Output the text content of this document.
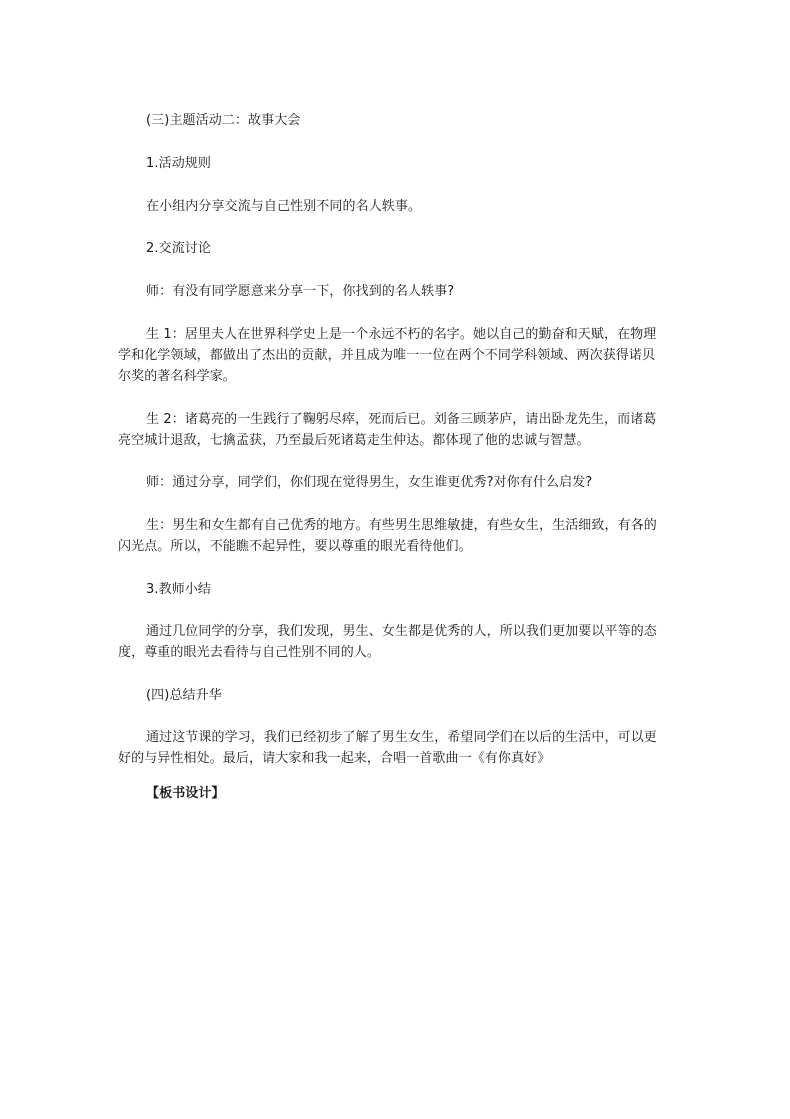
(三)主题活动二：故事大会

1.活动规则

在小组内分享交流与自己性别不同的名人轶事。

2.交流讨论

师：有没有同学愿意来分享一下，你找到的名人轶事?

生 1：居里夫人在世界科学史上是一个永远不朽的名字。她以自己的勤奋和天赋，在物理学和化学领域，都做出了杰出的贡献，并且成为唯一一位在两个不同学科领域、两次获得诺贝尔奖的著名科学家。

生 2：诸葛亮的一生践行了鞠躬尽瘁，死而后已。刘备三顾茅庐，请出卧龙先生，而诸葛亮空城计退敌，七擒孟获，乃至最后死诸葛走生仲达。都体现了他的忠诚与智慧。

师：通过分享，同学们，你们现在觉得男生，女生谁更优秀?对你有什么启发?

生：男生和女生都有自己优秀的地方。有些男生思维敏捷，有些女生，生活细致，有各的闪光点。所以，不能瞧不起异性，要以尊重的眼光看待他们。

3.教师小结

通过几位同学的分享，我们发现，男生、女生都是优秀的人，所以我们更加要以平等的态度，尊重的眼光去看待与自己性别不同的人。

(四)总结升华

通过这节课的学习，我们已经初步了解了男生女生，希望同学们在以后的生活中，可以更好的与异性相处。最后，请大家和我一起来，合唱一首歌曲一《有你真好》

【板书设计】
